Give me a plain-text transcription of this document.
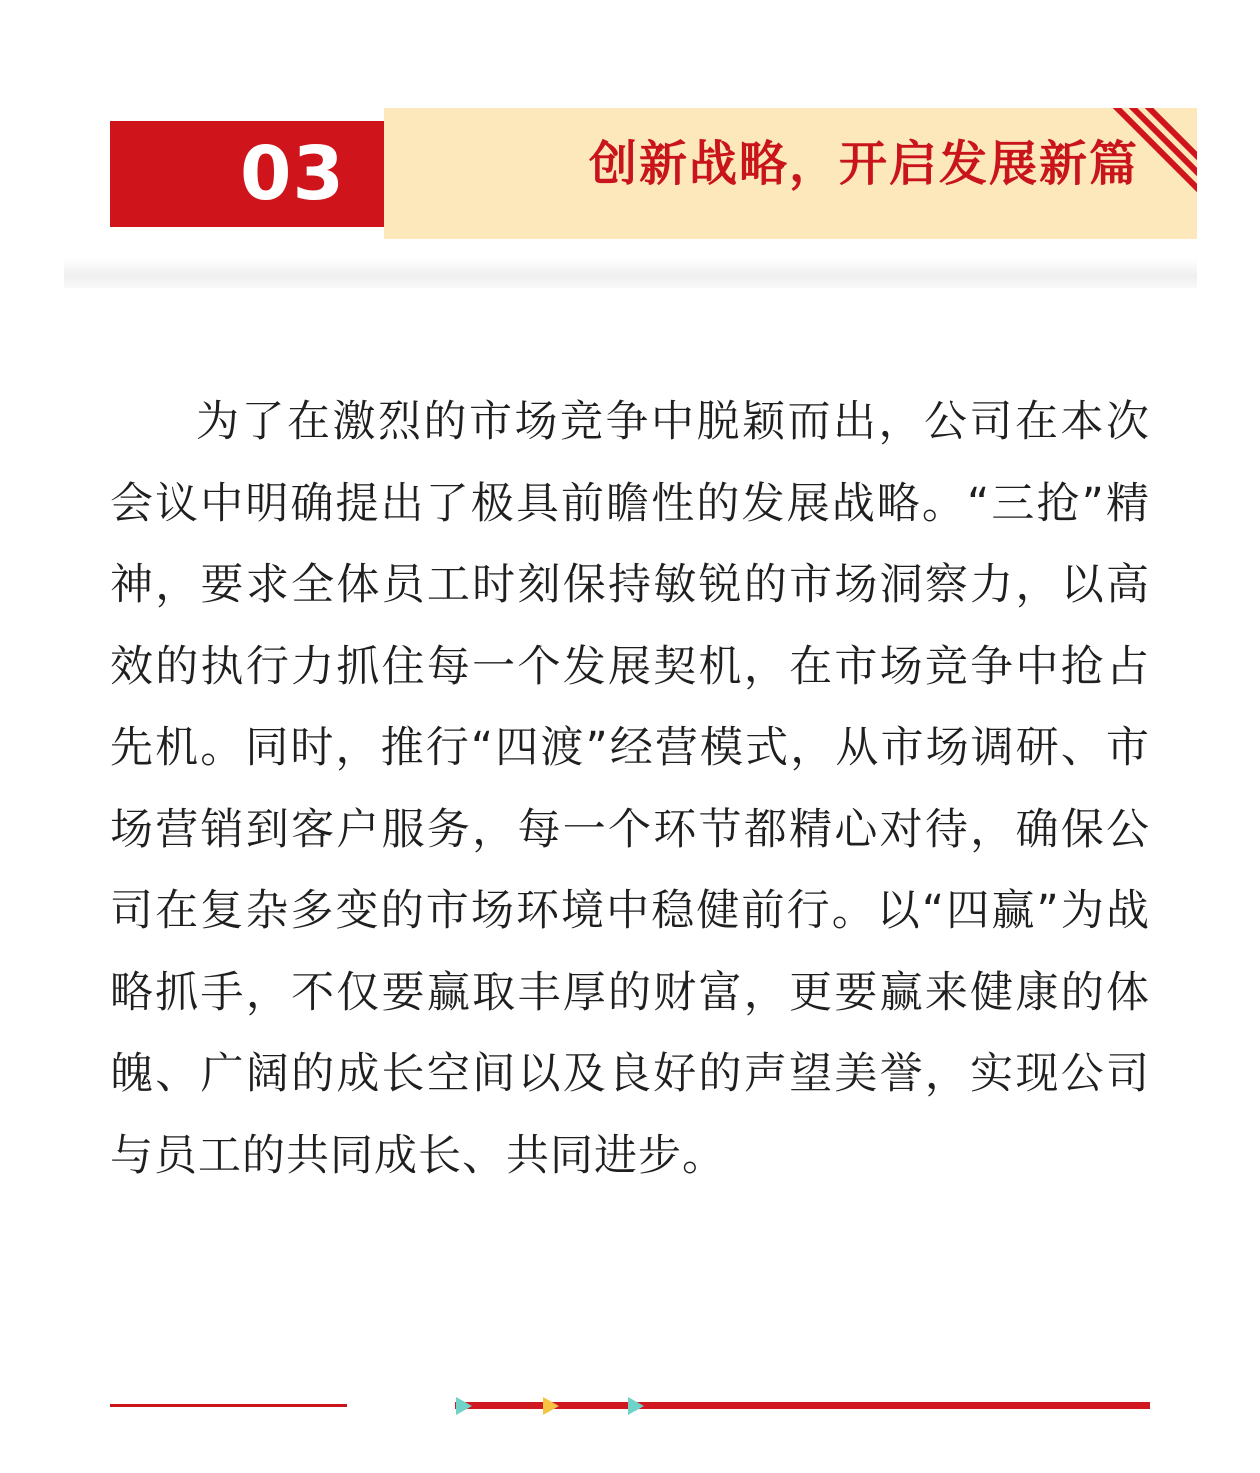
03	创新战略，开启发展新篇

为了在激烈的市场竞争中脱颖而出，公司在本次会议中明确提出了极具前瞻性的发展战略。“三抢”精神，要求全体员工时刻保持敏锐的市场洞察力，以高效的执行力抓住每一个发展契机，在市场竞争中抢占先机。同时，推行“四渡”经营模式，从市场调研、市场营销到客户服务，每一个环节都精心对待，确保公司在复杂多变的市场环境中稳健前行。以“四赢”为战略抓手，不仅要赢取丰厚的财富，更要赢来健康的体魄、广阔的成长空间以及良好的声望美誉，实现公司与员工的共同成长、共同进步。
